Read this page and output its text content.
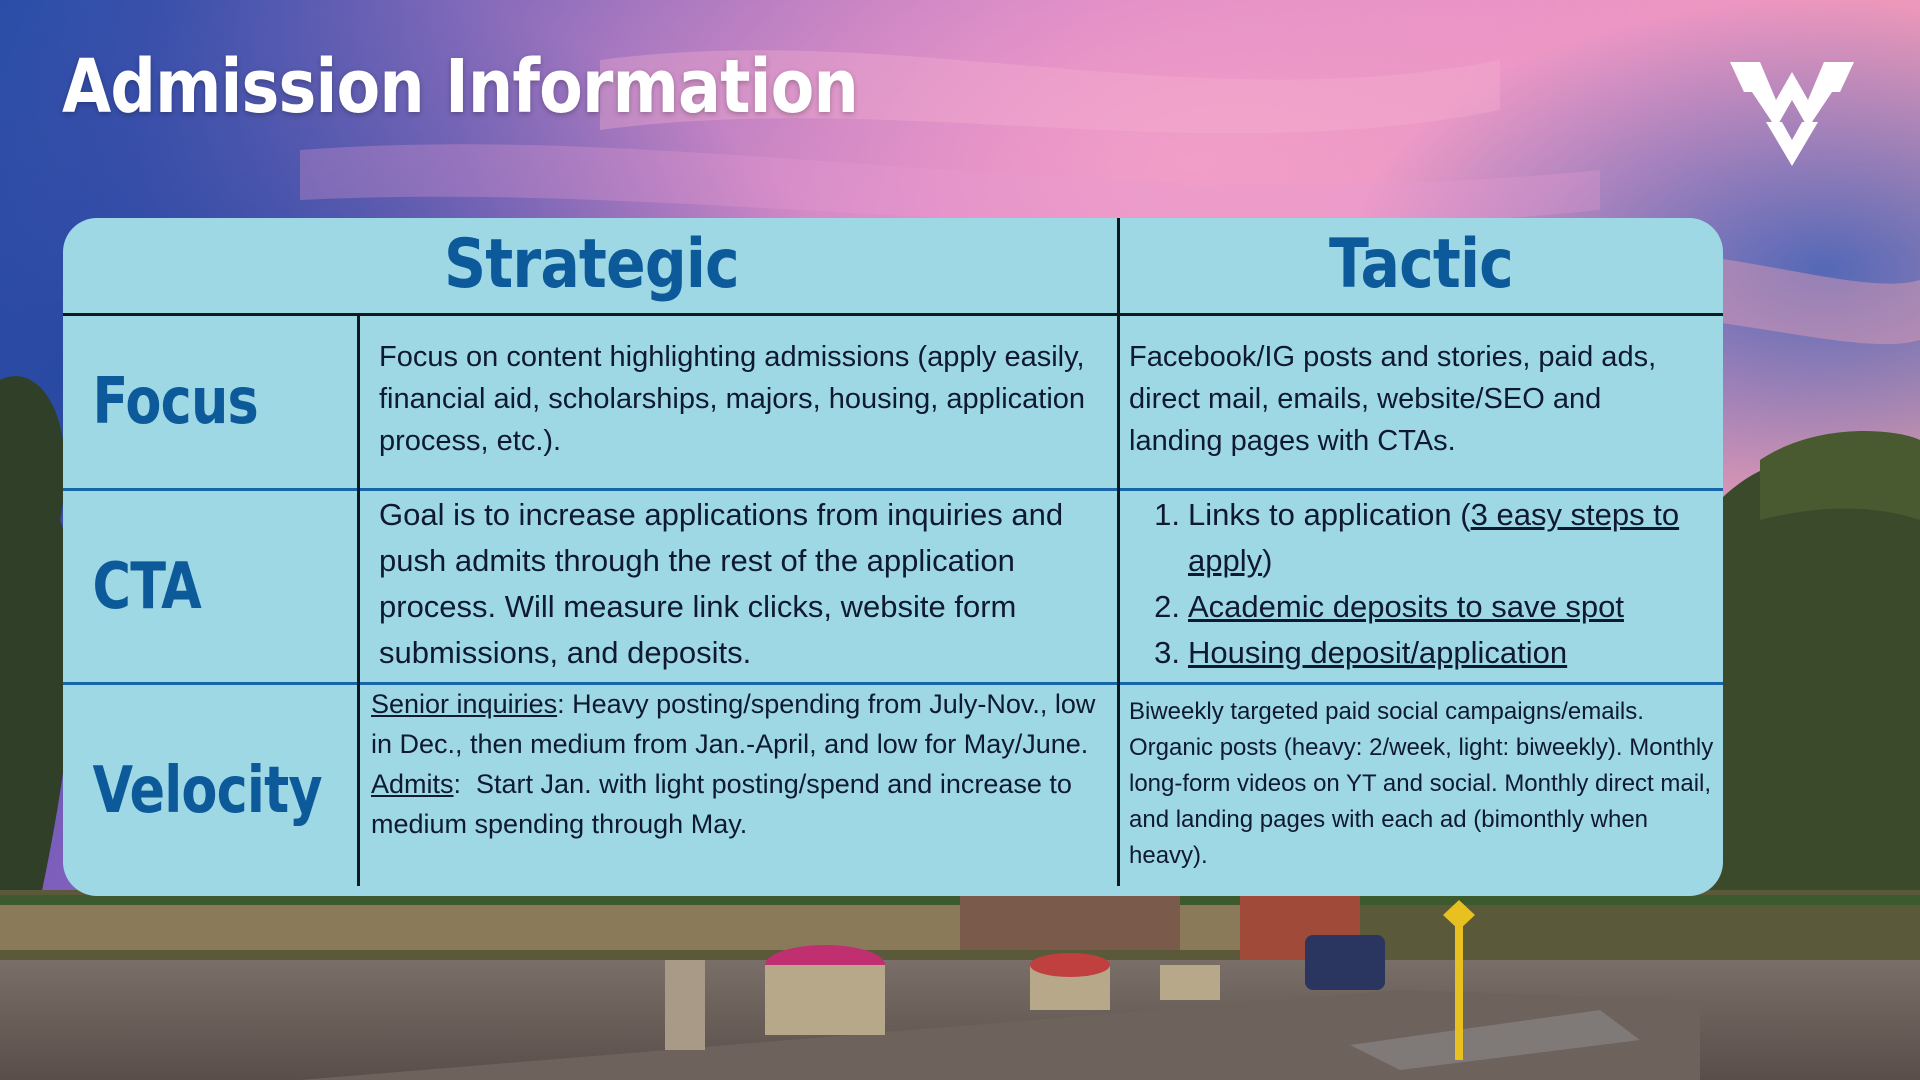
Admission Information
Strategic	Tactic
Focus

Focus on content highlighting admissions (apply easily, financial aid, scholarships, majors, housing, application process, etc.).

Facebook/IG posts and stories, paid ads, direct mail, emails, website/SEO and landing pages with CTAs.

CTA

Goal is to increase applications from inquiries and push admits through the rest of the application process. Will measure link clicks, website form submissions, and deposits.

1. Links to application (3 easy steps to apply)
2. Academic deposits to save spot
3. Housing deposit/application
Velocity

Senior inquiries: Heavy posting/spending from July-Nov., low in Dec., then medium from Jan.-April, and low for May/June.

Admits:  Start Jan. with light posting/spend and increase to medium spending through May.

Biweekly targeted paid social campaigns/emails. Organic posts (heavy: 2/week, light: biweekly). Monthly long-form videos on YT and social. Monthly direct mail, and landing pages with each ad (bimonthly when heavy).
